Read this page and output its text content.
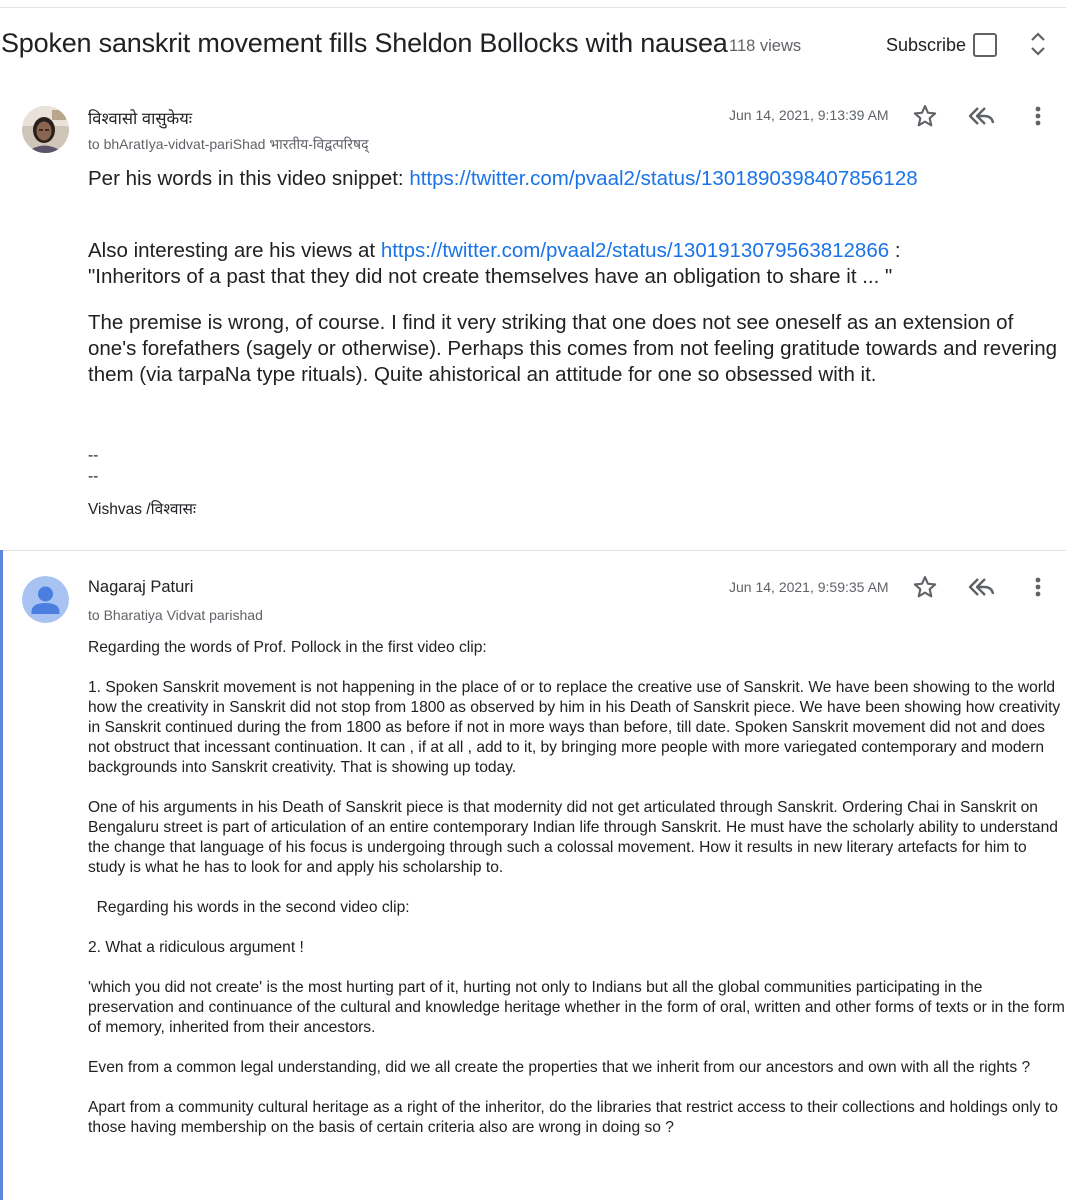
Spoken sanskrit movement fills Sheldon Bollocks with nausea 118 views	Subscribe
विश्वासो वासुकेयः
to bhAratIya-vidvat-pariShad भारतीय-विद्वत्परिषद्
Jun 14, 2021, 9:13:39 AM

Per his words in this video snippet: https://twitter.com/pvaal2/status/1301890398407856128

Also interesting are his views at https://twitter.com/pvaal2/status/1301913079563812866 :

"Inheritors of a past that they did not create themselves have an obligation to share it ... "

The premise is wrong, of course. I find it very striking that one does not see oneself as an extension of one's forefathers (sagely or otherwise). Perhaps this comes from not feeling gratitude towards and revering them (via tarpaNa type rituals). Quite ahistorical an attitude for one so obsessed with it.

--
--
Vishvas /विश्वासः
Nagaraj Paturi
to Bharatiya Vidvat parishad
Jun 14, 2021, 9:59:35 AM

Regarding the words of Prof. Pollock in the first video clip:

1. Spoken Sanskrit movement is not happening in the place of or to replace the creative use of Sanskrit. We have been showing to the world how the creativity in Sanskrit did not stop from 1800 as observed by him in his Death of Sanskrit piece. We have been showing how creativity in Sanskrit continued during the from 1800 as before if not in more ways than before, till date. Spoken Sanskrit movement did not and does not obstruct that incessant continuation. It can , if at all , add to it, by bringing more people with more variegated contemporary and modern backgrounds into Sanskrit creativity. That is showing up today.

One of his arguments in his Death of Sanskrit piece is that modernity did not get articulated through Sanskrit. Ordering Chai in Sanskrit on Bengaluru street is part of articulation of an entire contemporary Indian life through Sanskrit. He must have the scholarly ability to understand the change that language of his focus is undergoing through such a colossal movement. How it results in new literary artefacts for him to study is what he has to look for and apply his scholarship to.

Regarding his words in the second video clip:

2. What a ridiculous argument !

'which you did not create' is the most hurting part of it, hurting not only to Indians but all the global communities participating in the preservation and continuance of the cultural and knowledge heritage whether in the form of oral, written and other forms of texts or in the form of memory, inherited from their ancestors.

Even from a common legal understanding, did we all create the properties that we inherit from our ancestors and own with all the rights ?

Apart from a community cultural heritage as a right of the inheritor, do the libraries that restrict access to their collections and holdings only to those having membership on the basis of certain criteria also are wrong in doing so ?
